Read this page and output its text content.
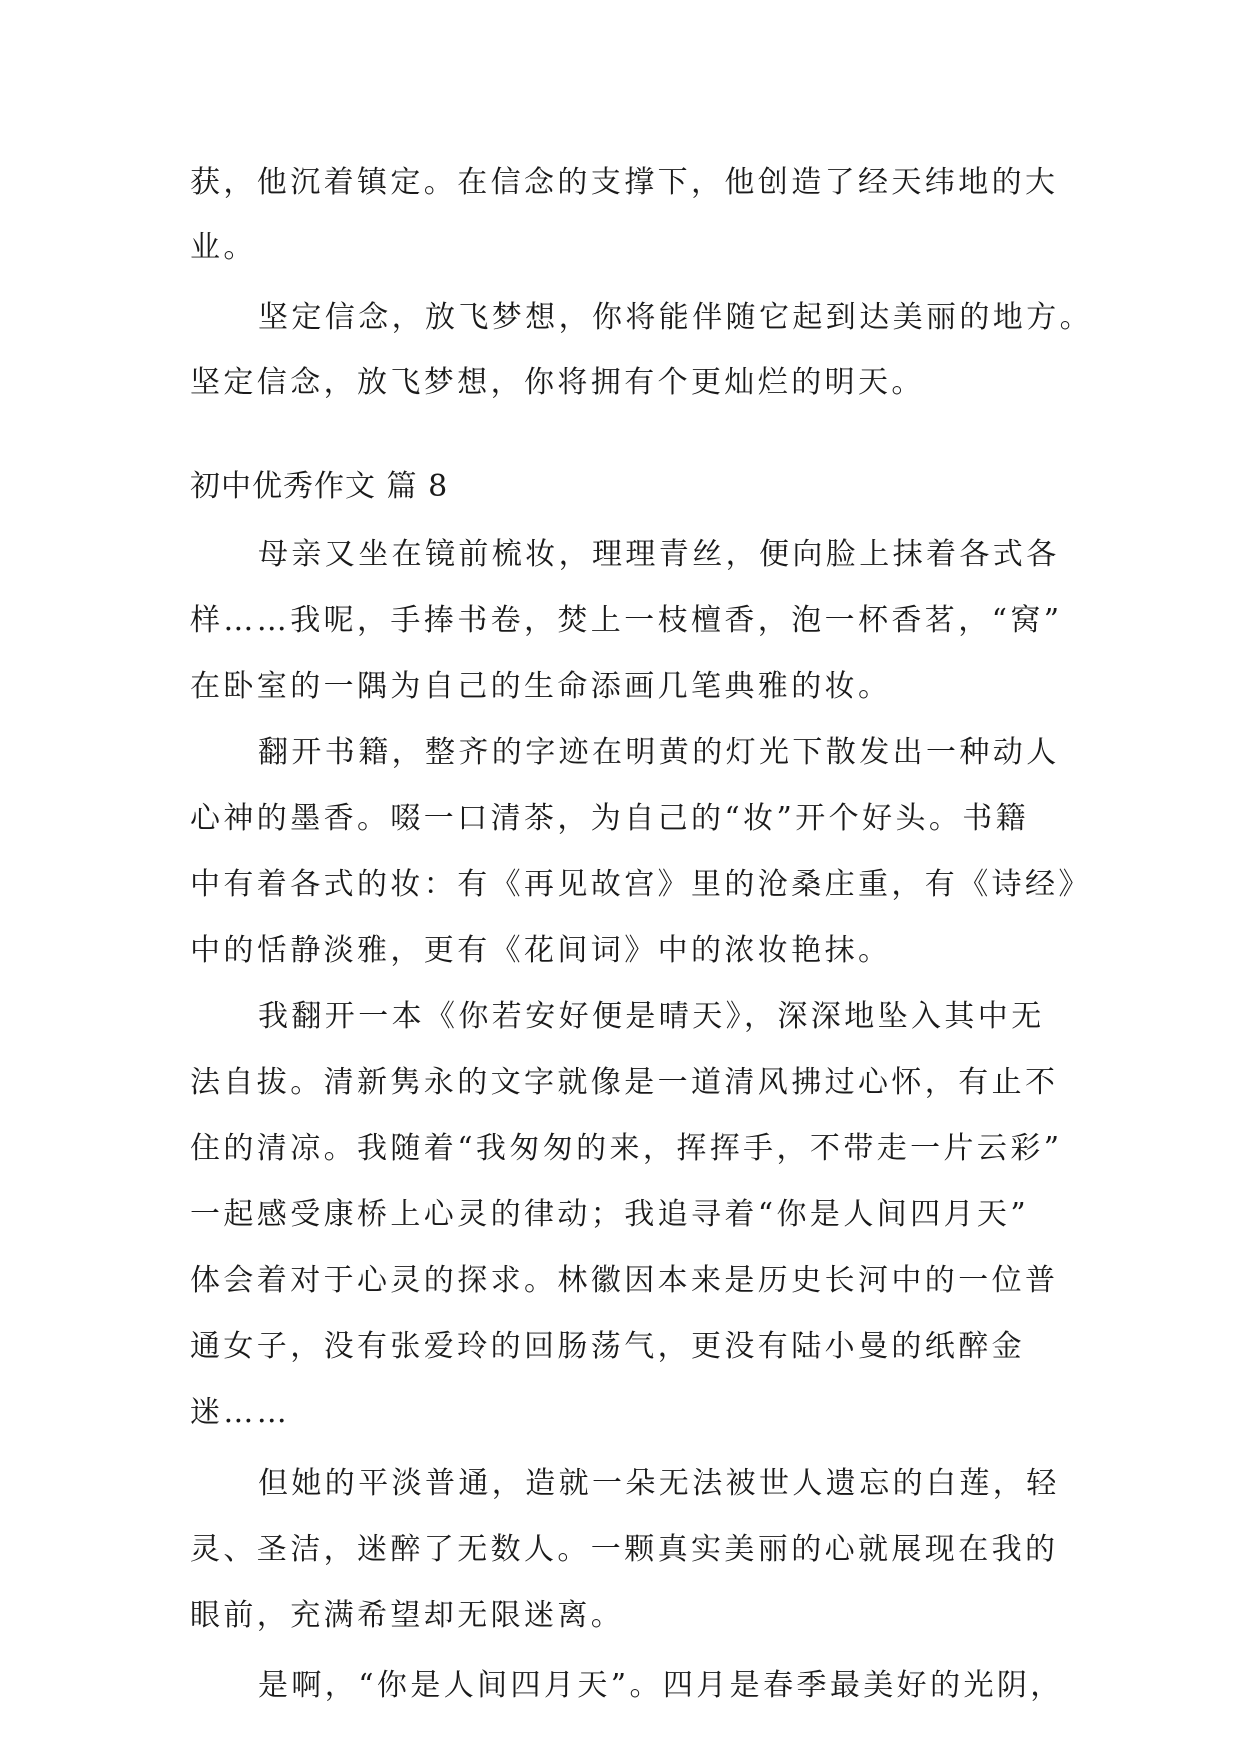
获，他沉着镇定。在信念的支撑下，他创造了经天纬地的大
业。
坚定信念，放飞梦想，你将能伴随它起到达美丽的地方。
坚定信念，放飞梦想，你将拥有个更灿烂的明天。
初中优秀作文 篇 8
母亲又坐在镜前梳妆，理理青丝，便向脸上抹着各式各
样……我呢，手捧书卷，焚上一枝檀香，泡一杯香茗，“窝”
在卧室的一隅为自己的生命添画几笔典雅的妆。
翻开书籍，整齐的字迹在明黄的灯光下散发出一种动人
心神的墨香。啜一口清茶，为自己的“妆”开个好头。书籍
中有着各式的妆：有《再见故宫》里的沧桑庄重，有《诗经》
中的恬静淡雅，更有《花间词》中的浓妆艳抹。
我翻开一本《你若安好便是晴天》，深深地坠入其中无
法自拔。清新隽永的文字就像是一道清风拂过心怀，有止不
住的清凉。我随着“我匆匆的来，挥挥手，不带走一片云彩”
一起感受康桥上心灵的律动；我追寻着“你是人间四月天”
体会着对于心灵的探求。林徽因本来是历史长河中的一位普
通女子，没有张爱玲的回肠荡气，更没有陆小曼的纸醉金
迷……
但她的平淡普通，造就一朵无法被世人遗忘的白莲，轻
灵、圣洁，迷醉了无数人。一颗真实美丽的心就展现在我的
眼前，充满希望却无限迷离。
是啊，“你是人间四月天”。四月是春季最美好的光阴，
